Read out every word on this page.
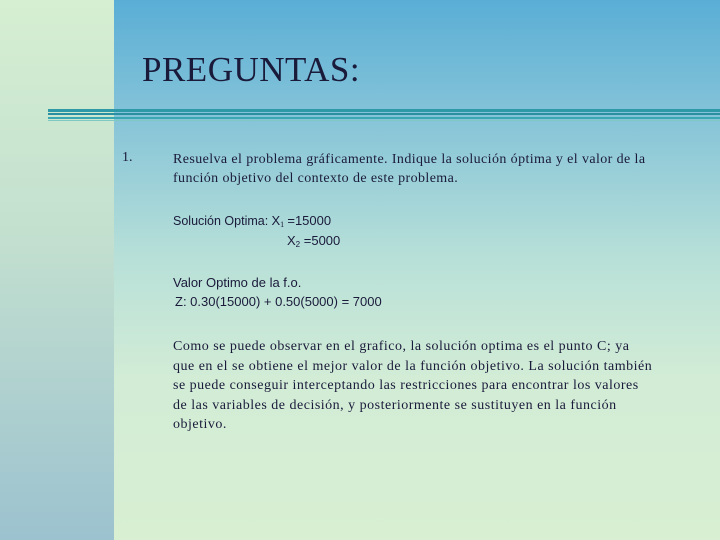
PREGUNTAS:
1.	Resuelva el problema gráficamente. Indique la solución óptima y el valor de la función objetivo del contexto de este problema.
Solución Optima: $X_1 =15000$
$X_2 =5000$
Valor Optimo de la f.o.
Z: 0.30(15000) + 0.50(5000) = 7000
Como se puede observar en el grafico, la solución optima es el punto C; ya que en el se obtiene el mejor valor de la función objetivo. La solución también se puede conseguir interceptando las restricciones para encontrar los valores de las variables de decisión, y posteriormente se sustituyen en la función objetivo.
